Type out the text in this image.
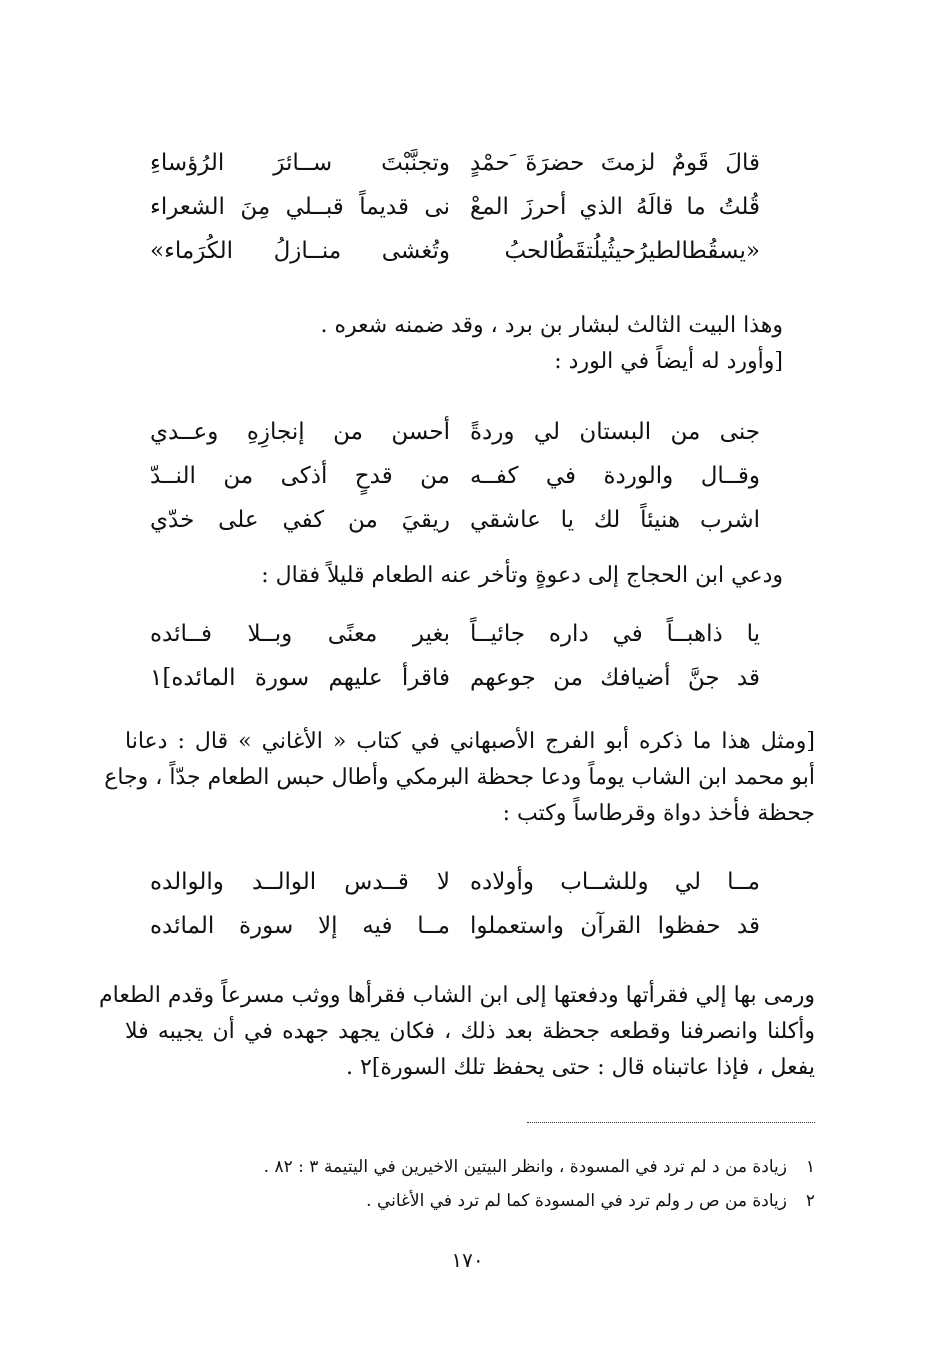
قالَ قَومٌ لزمتَ حضرَةَ َحمْدٍ
وتجنَّبْتَ ســائرَ الرُؤساءِ
قُلتُ ما قالَهُ الذي أحرزَ المعْ
نى قديماً قبــلي مِنَ الشعراء
«يسقُطالطيرُحيثُيلُتقَطُالحبُ
وتُغشى منــازلُ الكُرَماء»
وهذا البيت الثالث لبشار بن برد ، وقد ضمنه شعره .
[وأورد له أيضاً في الورد :
جنى من البستان لي وردةً
أحسن من إنجازِهِ وعــدي
وقــال والوردة في كفــه
من قدحٍ أذكى من النــدّ
اشرب هنيئاً لك يا عاشقي
ريقيَ من كفي على خدّي
ودعي ابن الحجاج إلى دعوةٍ وتأخر عنه الطعام قليلاً فقال :
يا ذاهبــاً في داره جائيــاً
بغير معنًى وبــلا فــائده
قد جنَّ أضيافك من جوعهم
فاقرأ عليهم سورة المائده]١
[ومثل هذا ما ذكره أبو الفرج الأصبهاني في كتاب « الأغاني » قال : دعانا
أبو محمد ابن الشاب يوماً ودعا جحظة البرمكي وأطال حبس الطعام جدّاً ، وجاع
جحظة فأخذ دواة وقرطاساً وكتب :
مــا لي وللشــاب وأولاده
لا قــدس الوالــد والوالده
قد حفظوا القرآن واستعملوا
مــا فيه إلا سورة المائده
ورمى بها إلي فقرأتها ودفعتها إلى ابن الشاب فقرأها ووثب مسرعاً وقدم الطعام
وأكلنا وانصرفنا وقطعه جحظة بعد ذلك ، فكان يجهد جهده في أن يجيبه فلا
يفعل ، فإذا عاتبناه قال : حتى يحفظ تلك السورة]٢ .
١زيادة من د لم ترد في المسودة ، وانظر البيتين الاخيرين في اليتيمة ٣ : ٨٢ .
٢زيادة من ص ر ولم ترد في المسودة كما لم ترد في الأغاني .
١٧٠
